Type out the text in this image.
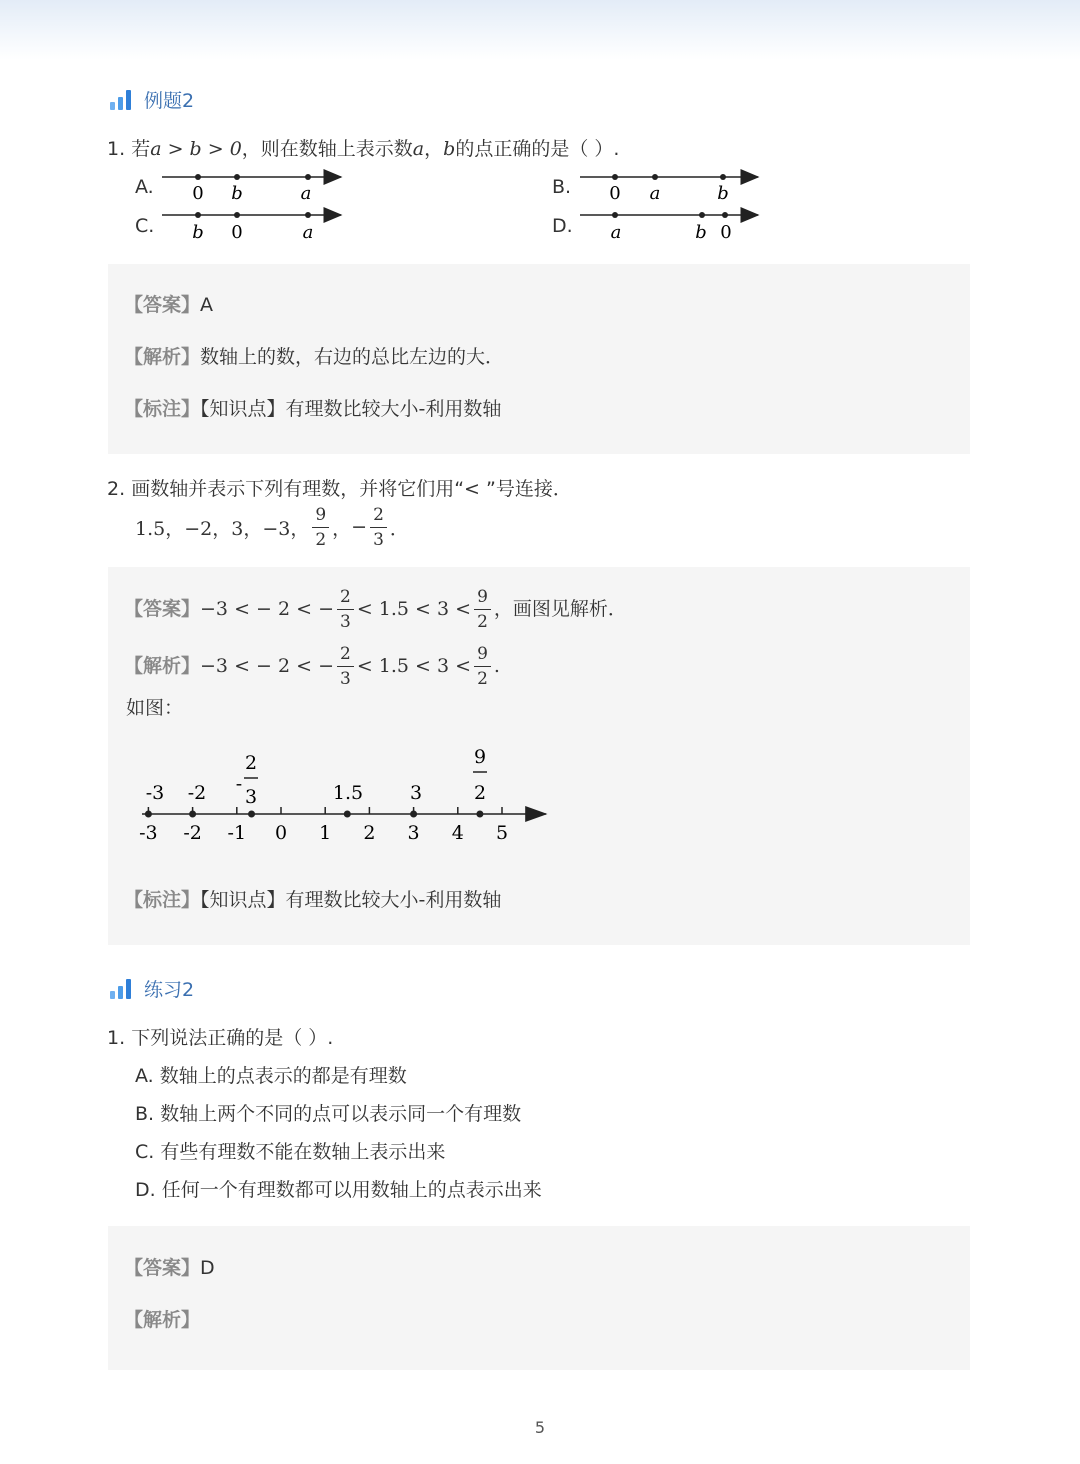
例题2
1. 若a > b > 0，则在数轴上表示数a，b的点正确的是（ ）.
A.	B.
C.	D.
0 b	a	0 a	b
b 0	a	a	b 0
【答案】A
【解析】数轴上的数，右边的总比左边的大．
【标注】【知识点】有理数比较大小-利用数轴
2. 画数轴并表示下列有理数，并将它们用“< ”号连接．
1.5，−2，3，−3， $\frac{9}{2}$ ， − $\frac{2}{3}$ ．
【答案】 −3 < − 2 < − $\frac{2}{3} < 1.5 < 3 < \frac{9}{2}$ ，画图见解析．
【解析】 −3 < − 2 < − $\frac{2}{3} < 1.5 < 3 < \frac{9}{2}$ .
如图：
-3 -2 -1 0 1 2 3 4 5
-3 -2 -
2
3	1.5 3
9
2
【标注】【知识点】有理数比较大小-利用数轴
练习2
1. 下列说法正确的是（ ）.
A. 数轴上的点表示的都是有理数
B. 数轴上两个不同的点可以表示同一个有理数
C. 有些有理数不能在数轴上表示出来
D. 任何一个有理数都可以用数轴上的点表示出来
【答案】D
【解析】
5
